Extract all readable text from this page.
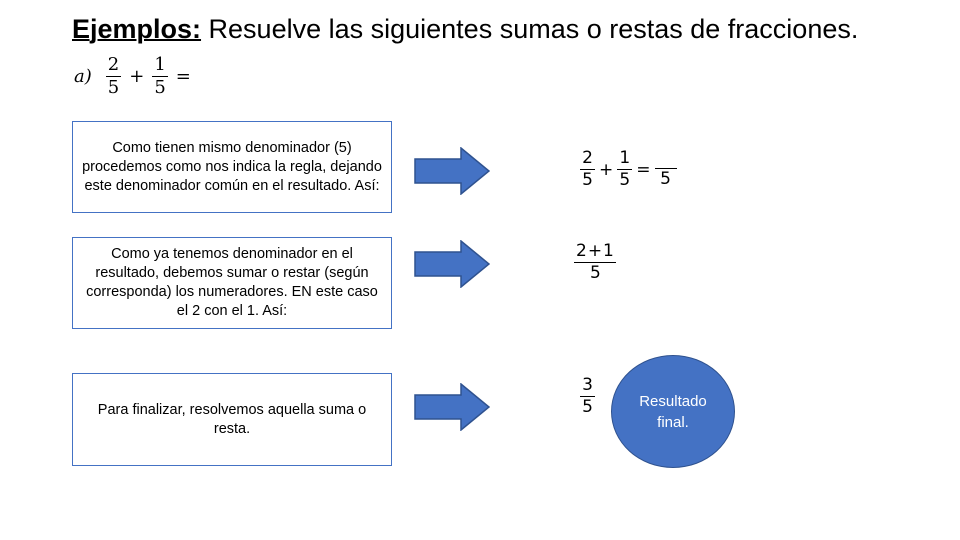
Ejemplos: Resuelve las siguientes sumas o restas de fracciones.
$a) \frac{2}{5} + \frac{1}{5}$ =
Como tienen mismo denominador (5) procedemos como nos indica la regla, dejando este denominador común en el resultado. Así:
Como ya tenemos denominador en el resultado, debemos sumar o restar (según corresponda) los numeradores. EN este caso el 2 con el 1. Así:
Para finalizar, resolvemos aquella suma o resta.
$\frac{2}{5} + \frac{1}{5} = 5$
$\frac{2+1}{5}$
$\frac{3}{5}$	Resultado final.
